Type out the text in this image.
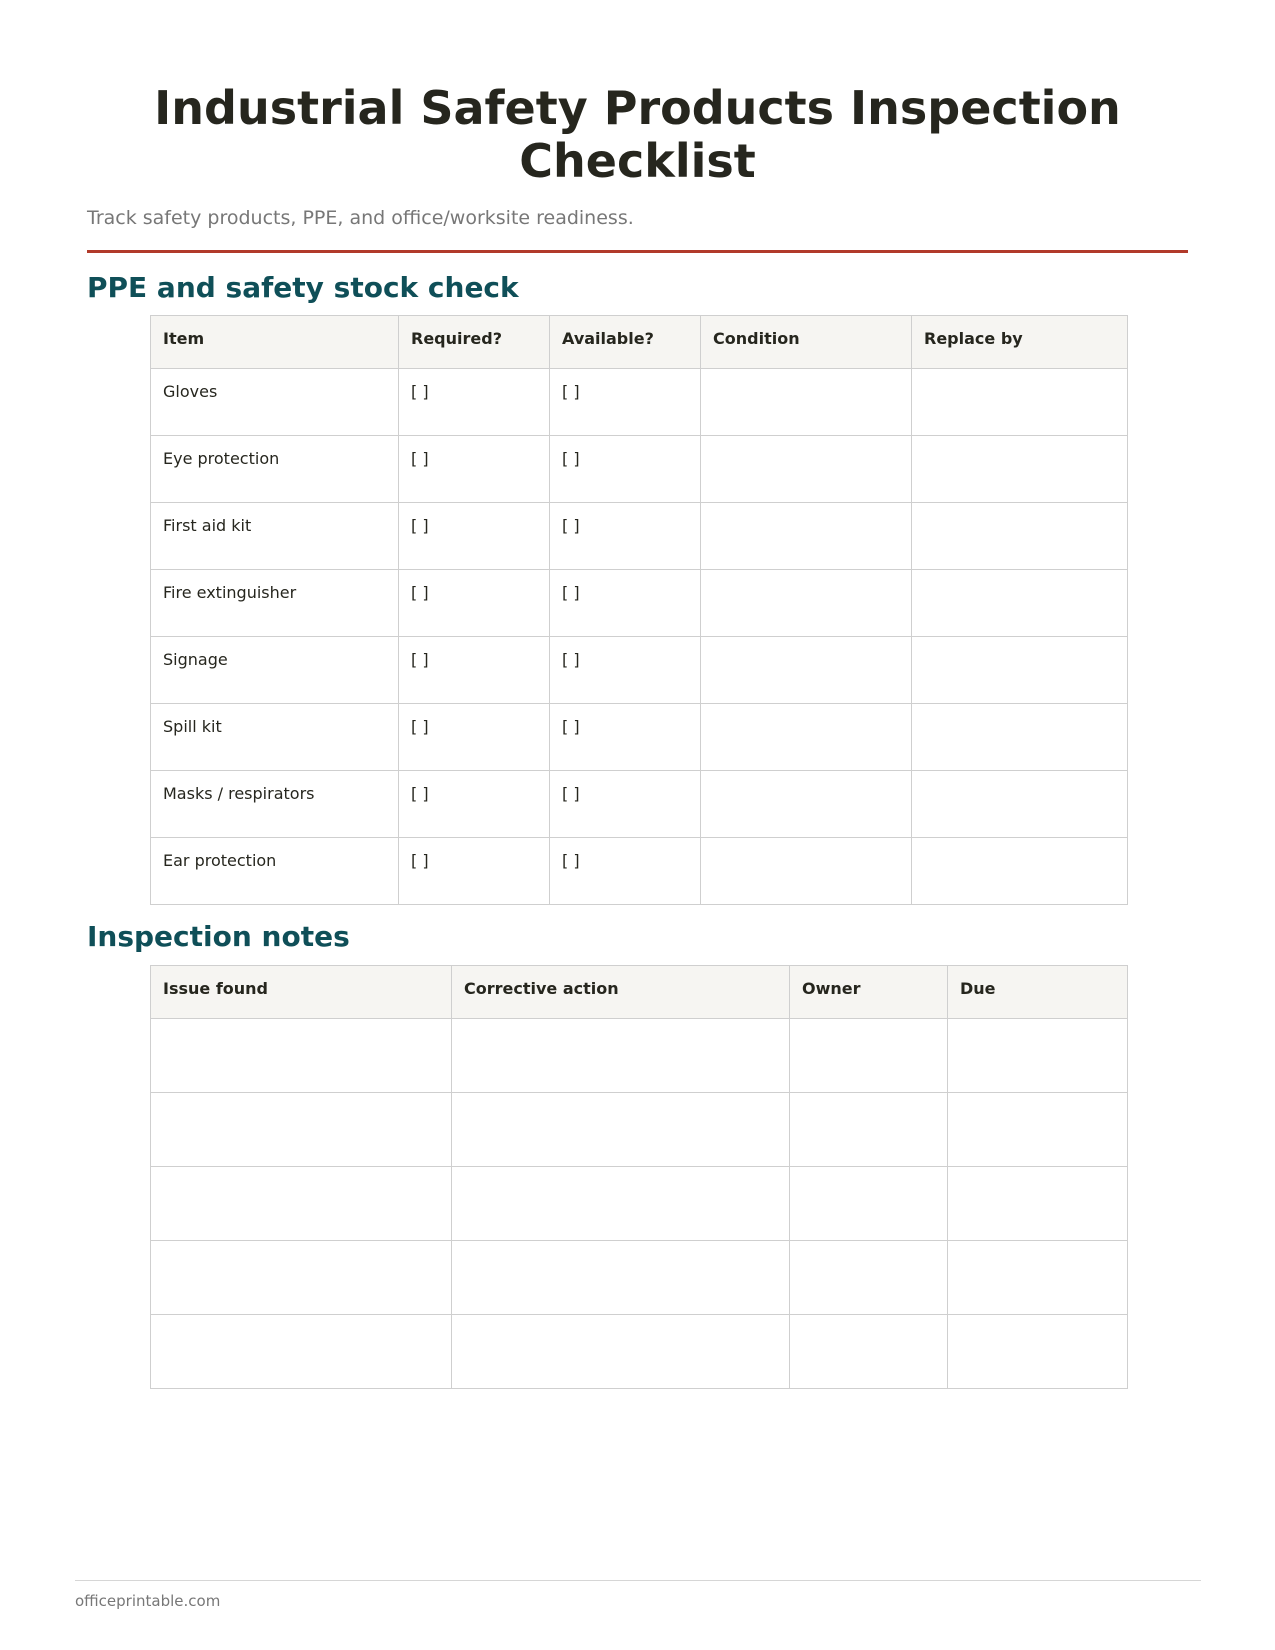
Industrial Safety Products Inspection Checklist

Track safety products, PPE, and office/worksite readiness.

PPE and safety stock check
Item	Required?	Available?	Condition	Replace by
Gloves	[ ]	[ ]		
Eye protection	[ ]	[ ]		
First aid kit	[ ]	[ ]		
Fire extinguisher	[ ]	[ ]		
Signage	[ ]	[ ]		
Spill kit	[ ]	[ ]		
Masks / respirators	[ ]	[ ]		
Ear protection	[ ]	[ ]		
Inspection notes
Issue found	Corrective action	Owner	Due

officeprintable.com
